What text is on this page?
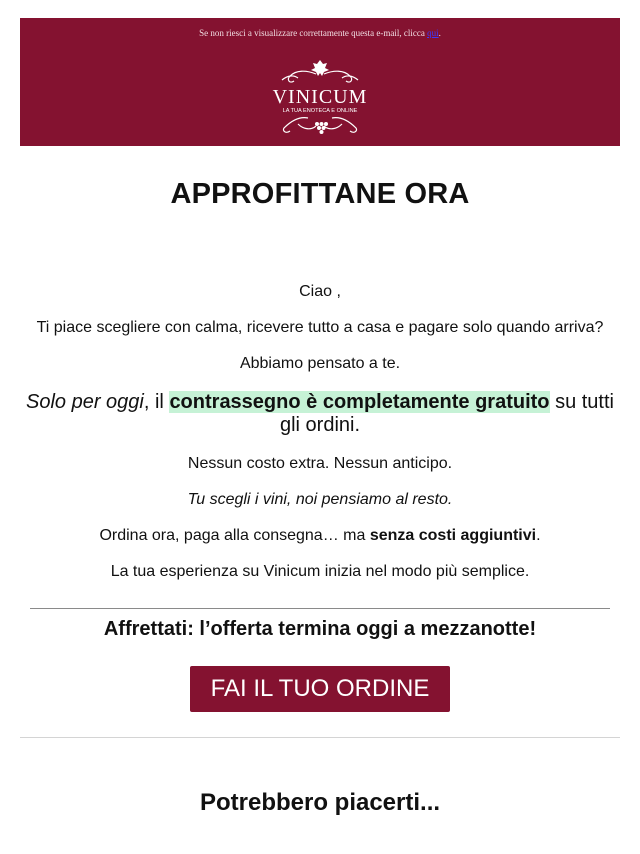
Se non riesci a visualizzare correttamente questa e-mail, clicca qui.
VINICUM
LA TUA ENOTECA E ONLINE
APPROFITTANE ORA
Ciao ,
Ti piace scegliere con calma, ricevere tutto a casa e pagare solo quando arriva?
Abbiamo pensato a te.
Solo per oggi, il contrassegno è completamente gratuito su tutti gli ordini.
Nessun costo extra. Nessun anticipo.
Tu scegli i vini, noi pensiamo al resto.
Ordina ora, paga alla consegna… ma senza costi aggiuntivi.
La tua esperienza su Vinicum inizia nel modo più semplice.
Affrettati: l’offerta termina oggi a mezzanotte!
FAI IL TUO ORDINE
Potrebbero piacerti...
